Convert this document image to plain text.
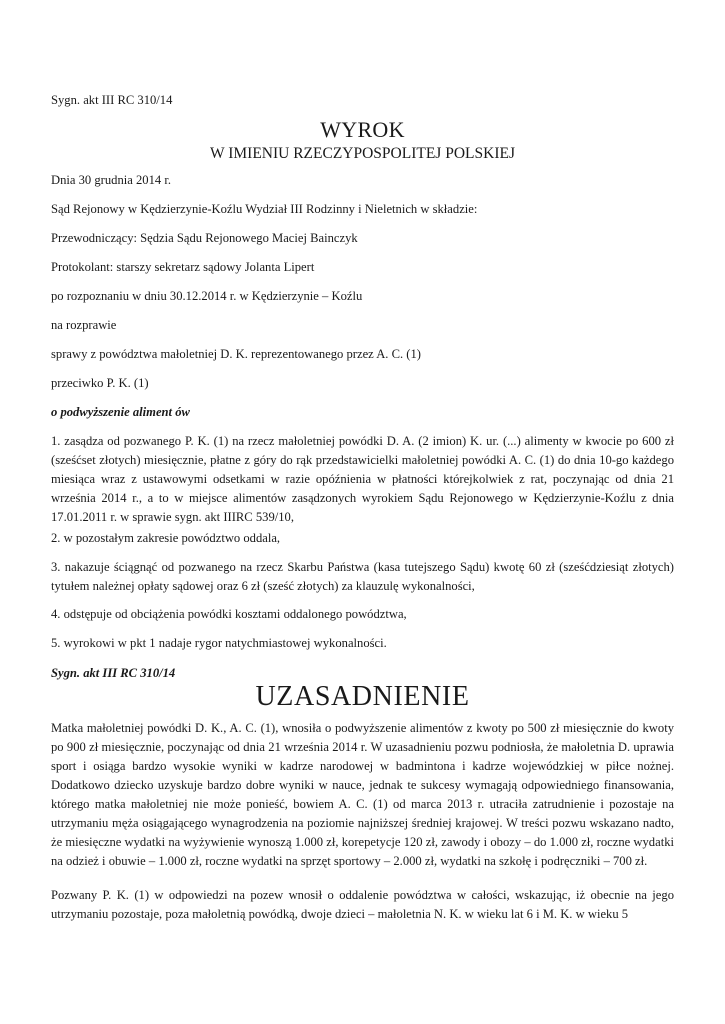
Sygn. akt III RC 310/14

WYROK

W IMIENIU RZECZYPOSPOLITEJ POLSKIEJ

Dnia 30 grudnia 2014 r.

Sąd Rejonowy w Kędzierzynie-Koźlu Wydział III Rodzinny i Nieletnich w składzie:

Przewodniczący: Sędzia Sądu Rejonowego Maciej Bainczyk

Protokolant: starszy sekretarz sądowy Jolanta Lipert

po rozpoznaniu w dniu 30.12.2014 r. w Kędzierzynie – Koźlu

na rozprawie

sprawy z powództwa małoletniej D. K. reprezentowanego przez A. C. (1)

przeciwko P. K. (1)

o podwyższenie aliment ów

1. zasądza od pozwanego P. K. (1) na rzecz małoletniej powódki D. A. (2 imion) K. ur. (...) alimenty w kwocie po 600 zł (sześćset złotych) miesięcznie, płatne z góry do rąk przedstawicielki małoletniej powódki A. C. (1) do dnia 10-go każdego miesiąca wraz z ustawowymi odsetkami w razie opóźnienia w płatności którejkolwiek z rat, poczynając od dnia 21 września 2014 r., a to w miejsce alimentów zasądzonych wyrokiem Sądu Rejonowego w Kędzierzynie-Koźlu z dnia 17.01.2011 r. w sprawie sygn. akt IIIRC 539/10,

2. w pozostałym zakresie powództwo oddala,

3. nakazuje ściągnąć od pozwanego na rzecz Skarbu Państwa (kasa tutejszego Sądu) kwotę 60 zł (sześćdziesiąt złotych) tytułem należnej opłaty sądowej oraz 6 zł (sześć złotych) za klauzulę wykonalności,

4. odstępuje od obciążenia powódki kosztami oddalonego powództwa,

5. wyrokowi w pkt 1 nadaje rygor natychmiastowej wykonalności.

Sygn. akt III RC 310/14

UZASADNIENIE

Matka małoletniej powódki D. K., A. C. (1), wnosiła o podwyższenie alimentów z kwoty po 500 zł miesięcznie do kwoty po 900 zł miesięcznie, poczynając od dnia 21 września 2014 r. W uzasadnieniu pozwu podniosła, że małoletnia D. uprawia sport i osiąga bardzo wysokie wyniki w kadrze narodowej w badmintona i kadrze wojewódzkiej w piłce nożnej. Dodatkowo dziecko uzyskuje bardzo dobre wyniki w nauce, jednak te sukcesy wymagają odpowiedniego finansowania, którego matka małoletniej nie może ponieść, bowiem A. C. (1) od marca 2013 r. utraciła zatrudnienie i pozostaje na utrzymaniu męża osiągającego wynagrodzenia na poziomie najniższej średniej krajowej. W treści pozwu wskazano nadto, że miesięczne wydatki na wyżywienie wynoszą 1.000 zł, korepetycje 120 zł, zawody i obozy – do 1.000 zł, roczne wydatki na odzież i obuwie – 1.000 zł, roczne wydatki na sprzęt sportowy – 2.000 zł, wydatki na szkołę i podręczniki – 700 zł.

Pozwany P. K. (1) w odpowiedzi na pozew wnosił o oddalenie powództwa w całości, wskazując, iż obecnie na jego utrzymaniu pozostaje, poza małoletnią powódką, dwoje dzieci – małoletnia N. K. w wieku lat 6 i M. K. w wieku 5
